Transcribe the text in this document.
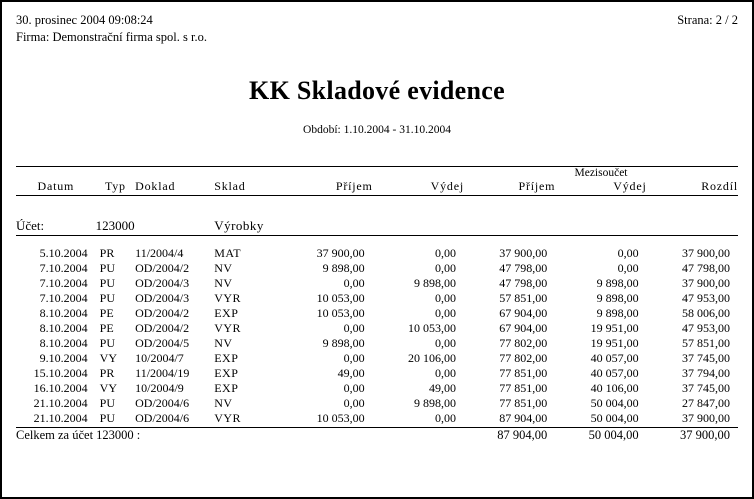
30. prosinec 2004 09:08:24
Firma: Demonstrační firma spol. s r.o.
Strana: 2 / 2
KK Skladové evidence
Období: 1.10.2004 - 31.10.2004
						Mezisoučet		
Datum	Typ	Doklad	Sklad	Příjem	Výdej	Příjem	Výdej	Rozdíl

Účet:	123000		Výrobky					

5.10.2004	PR	11/2004/4	MAT	37 900,00	0,00	37 900,00	0,00	37 900,00
7.10.2004	PU	OD/2004/2	NV	9 898,00	0,00	47 798,00	0,00	47 798,00
7.10.2004	PU	OD/2004/3	NV	0,00	9 898,00	47 798,00	9 898,00	37 900,00
7.10.2004	PU	OD/2004/3	VYR	10 053,00	0,00	57 851,00	9 898,00	47 953,00
8.10.2004	PE	OD/2004/2	EXP	10 053,00	0,00	67 904,00	9 898,00	58 006,00
8.10.2004	PE	OD/2004/2	VYR	0,00	10 053,00	67 904,00	19 951,00	47 953,00
8.10.2004	PU	OD/2004/5	NV	9 898,00	0,00	77 802,00	19 951,00	57 851,00
9.10.2004	VY	10/2004/7	EXP	0,00	20 106,00	77 802,00	40 057,00	37 745,00
15.10.2004	PR	11/2004/19	EXP	49,00	0,00	77 851,00	40 057,00	37 794,00
16.10.2004	VY	10/2004/9	EXP	0,00	49,00	77 851,00	40 106,00	37 745,00
21.10.2004	PU	OD/2004/6	NV	0,00	9 898,00	77 851,00	50 004,00	27 847,00
21.10.2004	PU	OD/2004/6	VYR	10 053,00	0,00	87 904,00	50 004,00	37 900,00

Celkem za účet 123000 :						87 904,00	50 004,00	37 900,00
